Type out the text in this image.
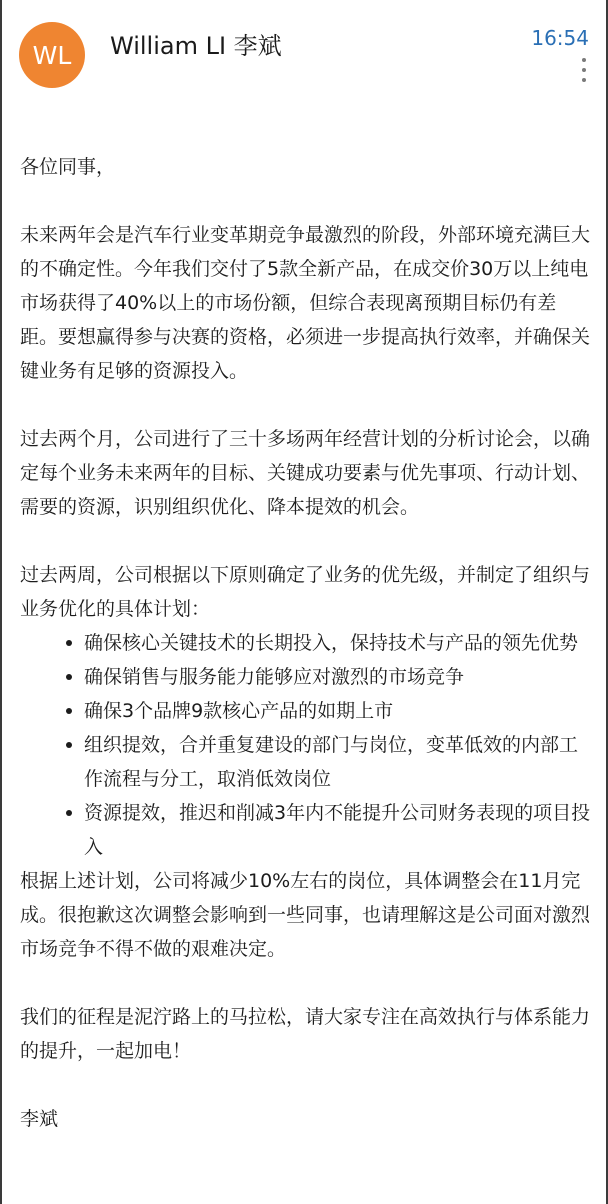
WL	William LI 李斌	16:54

各位同事，

未来两年会是汽车行业变革期竞争最激烈的阶段，外部环境充满巨大的不确定性。今年我们交付了5款全新产品，在成交价30万以上纯电市场获得了40%以上的市场份额，但综合表现离预期目标仍有差距。要想赢得参与决赛的资格，必须进一步提高执行效率，并确保关键业务有足够的资源投入。

过去两个月，公司进行了三十多场两年经营计划的分析讨论会，以确定每个业务未来两年的目标、关键成功要素与优先事项、行动计划、需要的资源，识别组织优化、降本提效的机会。

过去两周，公司根据以下原则确定了业务的优先级，并制定了组织与业务优化的具体计划：

确保核心关键技术的长期投入，保持技术与产品的领先优势
确保销售与服务能力能够应对激烈的市场竞争
确保3个品牌9款核心产品的如期上市
组织提效，合并重复建设的部门与岗位，变革低效的内部工作流程与分工，取消低效岗位
资源提效，推迟和削减3年内不能提升公司财务表现的项目投入

根据上述计划，公司将减少10%左右的岗位，具体调整会在11月完成。很抱歉这次调整会影响到一些同事，也请理解这是公司面对激烈市场竞争不得不做的艰难决定。

我们的征程是泥泞路上的马拉松，请大家专注在高效执行与体系能力的提升，一起加电！

李斌
